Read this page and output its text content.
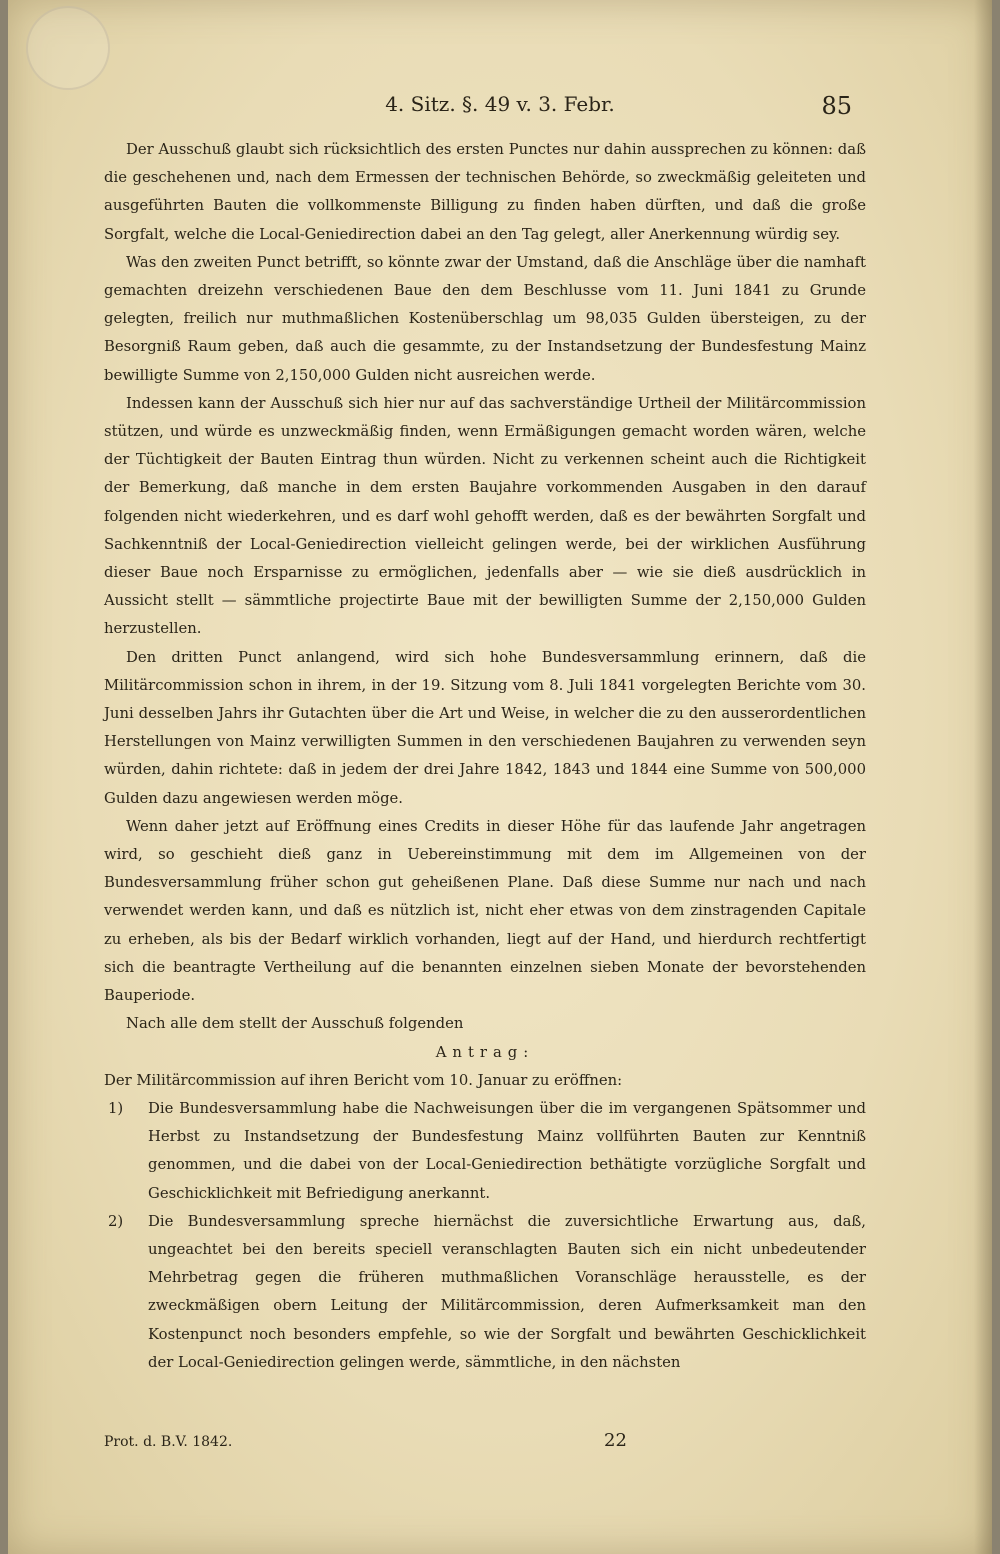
4. Sitz. §. 49 v. 3. Febr.	85

Der Ausschuß glaubt sich rücksichtlich des ersten Punctes nur dahin aussprechen zu können: daß die geschehenen und, nach dem Ermessen der technischen Behörde, so zweckmäßig geleiteten und ausgeführten Bauten die vollkommenste Billigung zu finden haben dürften, und daß die große Sorgfalt, welche die Local-Geniedirection dabei an den Tag gelegt, aller Anerkennung würdig sey.

Was den zweiten Punct betrifft, so könnte zwar der Umstand, daß die Anschläge über die namhaft gemachten dreizehn verschiedenen Baue den dem Beschlusse vom 11. Juni 1841 zu Grunde gelegten, freilich nur muthmaßlichen Kostenüberschlag um 98,035 Gulden übersteigen, zu der Besorgniß Raum geben, daß auch die gesammte, zu der Instandsetzung der Bundesfestung Mainz bewilligte Summe von 2,150,000 Gulden nicht ausreichen werde.

Indessen kann der Ausschuß sich hier nur auf das sachverständige Urtheil der Militärcommission stützen, und würde es unzweckmäßig finden, wenn Ermäßigungen gemacht worden wären, welche der Tüchtigkeit der Bauten Eintrag thun würden. Nicht zu verkennen scheint auch die Richtigkeit der Bemerkung, daß manche in dem ersten Baujahre vorkommenden Ausgaben in den darauf folgenden nicht wiederkehren, und es darf wohl gehofft werden, daß es der bewährten Sorgfalt und Sachkenntniß der Local-Geniedirection vielleicht gelingen werde, bei der wirklichen Ausführung dieser Baue noch Ersparnisse zu ermöglichen, jedenfalls aber — wie sie dieß ausdrücklich in Aussicht stellt — sämmtliche projectirte Baue mit der bewilligten Summe der 2,150,000 Gulden herzustellen.

Den dritten Punct anlangend, wird sich hohe Bundesversammlung erinnern, daß die Militärcommission schon in ihrem, in der 19. Sitzung vom 8. Juli 1841 vorgelegten Berichte vom 30. Juni desselben Jahrs ihr Gutachten über die Art und Weise, in welcher die zu den ausserordentlichen Herstellungen von Mainz verwilligten Summen in den verschiedenen Baujahren zu verwenden seyn würden, dahin richtete: daß in jedem der drei Jahre 1842, 1843 und 1844 eine Summe von 500,000 Gulden dazu angewiesen werden möge.

Wenn daher jetzt auf Eröffnung eines Credits in dieser Höhe für das laufende Jahr angetragen wird, so geschieht dieß ganz in Uebereinstimmung mit dem im Allgemeinen von der Bundesversammlung früher schon gut geheißenen Plane. Daß diese Summe nur nach und nach verwendet werden kann, und daß es nützlich ist, nicht eher etwas von dem zinstragenden Capitale zu erheben, als bis der Bedarf wirklich vorhanden, liegt auf der Hand, und hierdurch rechtfertigt sich die beantragte Vertheilung auf die benannten einzelnen sieben Monate der bevorstehenden Bauperiode.

Nach alle dem stellt der Ausschuß folgenden

Antrag:

Der Militärcommission auf ihren Bericht vom 10. Januar zu eröffnen:

1)	Die Bundesversammlung habe die Nachweisungen über die im vergangenen Spätsommer und Herbst zu Instandsetzung der Bundesfestung Mainz vollführten Bauten zur Kenntniß genommen, und die dabei von der Local-Geniedirection bethätigte vorzügliche Sorgfalt und Geschicklichkeit mit Befriedigung anerkannt.
2)	Die Bundesversammlung spreche hiernächst die zuversichtliche Erwartung aus, daß, ungeachtet bei den bereits speciell veranschlagten Bauten sich ein nicht unbedeutender Mehrbetrag gegen die früheren muthmaßlichen Voranschläge herausstelle, es der zweckmäßigen obern Leitung der Militärcommission, deren Aufmerksamkeit man den Kostenpunct noch besonders empfehle, so wie der Sorgfalt und bewährten Geschicklichkeit der Local-Geniedirection gelingen werde, sämmtliche, in den nächsten
Prot. d. B.V. 1842.	22
